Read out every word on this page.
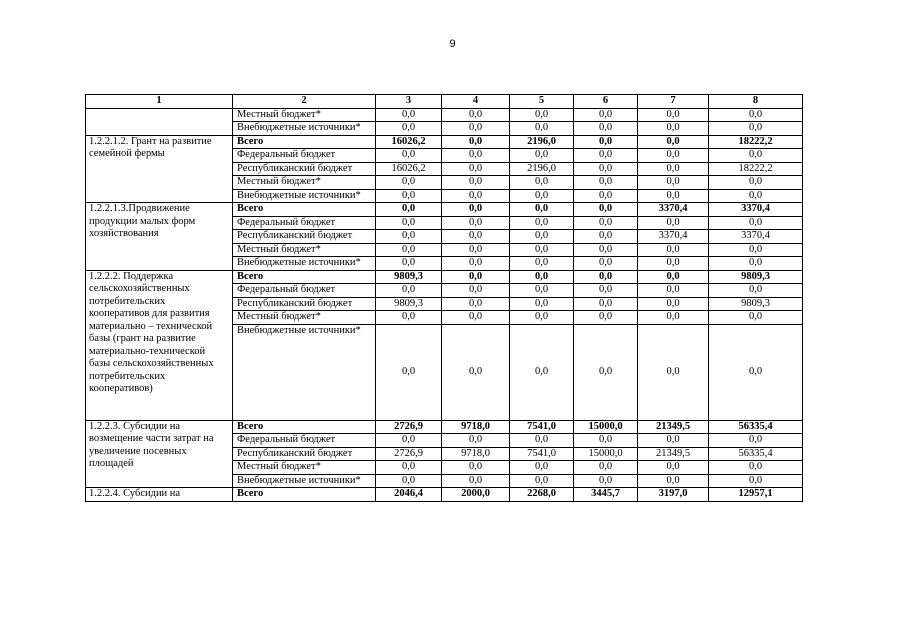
9
1	2	3	4	5	6	7	8
	Местный бюджет*	0,0	0,0	0,0	0,0	0,0	0,0
	Внебюджетные источники*	0,0	0,0	0,0	0,0	0,0	0,0
1.2.2.1.2. Грант на развитие семейной фермы	Всего	16026,2	0,0	2196,0	0,0	0,0	18222,2
	Федеральный бюджет	0,0	0,0	0,0	0,0	0,0	0,0
	Республиканский бюджет	16026,2	0,0	2196,0	0,0	0,0	18222,2
	Местный бюджет*	0,0	0,0	0,0	0,0	0,0	0,0
	Внебюджетные источники*	0,0	0,0	0,0	0,0	0,0	0,0
1.2.2.1.3.Продвижение продукции малых форм хозяйствования	Всего	0,0	0,0	0,0	0,0	3370,4	3370,4
	Федеральный бюджет	0,0	0,0	0,0	0,0	0,0	0,0
	Республиканский бюджет	0,0	0,0	0,0	0,0	3370,4	3370,4
	Местный бюджет*	0,0	0,0	0,0	0,0	0,0	0,0
	Внебюджетные источники*	0,0	0,0	0,0	0,0	0,0	0,0
1.2.2.2. Поддержка сельскохозяйственных потребительских кооперативов для развития материально – технической базы (грант на развитие материально-технической базы сельскохозяйственных потребительских кооперативов)	Всего	9809,3	0,0	0,0	0,0	0,0	9809,3
	Федеральный бюджет	0,0	0,0	0,0	0,0	0,0	0,0
	Республиканский бюджет	9809,3	0,0	0,0	0,0	0,0	9809,3
	Местный бюджет*	0,0	0,0	0,0	0,0	0,0	0,0
	Внебюджетные источники*	0,0	0,0	0,0	0,0	0,0	0,0
1.2.2.3. Субсидии на возмещение части затрат на увеличение посевных площадей	Всего	2726,9	9718,0	7541,0	15000,0	21349,5	56335,4
	Федеральный бюджет	0,0	0,0	0,0	0,0	0,0	0,0
	Республиканский бюджет	2726,9	9718,0	7541,0	15000,0	21349,5	56335,4
	Местный бюджет*	0,0	0,0	0,0	0,0	0,0	0,0
	Внебюджетные источники*	0,0	0,0	0,0	0,0	0,0	0,0
1.2.2.4. Субсидии на	Всего	2046,4	2000,0	2268,0	3445,7	3197,0	12957,1
